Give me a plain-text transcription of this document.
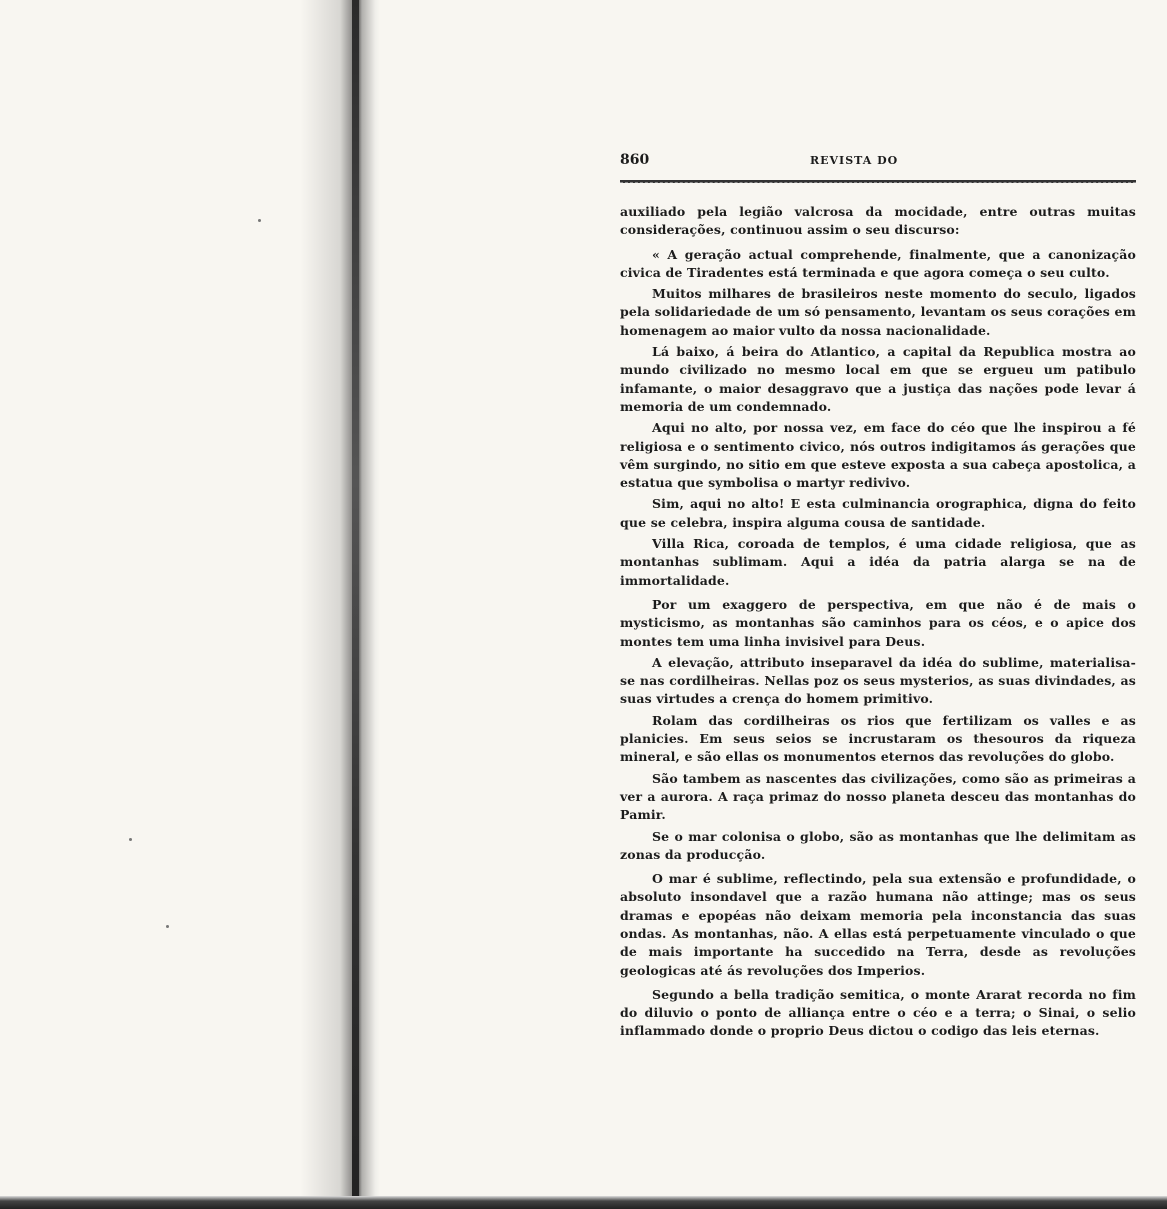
860	REVISTA DO

auxiliado pela legião valcrosa da mocidade, entre outras muitas considerações, continuou assim o seu discurso:

« A geração actual comprehende, finalmente, que a canonização civica de Tiradentes está terminada e que agora começa o seu culto.

Muitos milhares de brasileiros neste momento do seculo, ligados pela solidariedade de um só pensamento, levantam os seus corações em homenagem ao maior vulto da nossa nacionalidade.

Lá baixo, á beira do Atlantico, a capital da Republica mostra ao mundo civilizado no mesmo local em que se ergueu um patibulo infamante, o maior desaggravo que a justiça das nações pode levar á memoria de um condemnado.

Aqui no alto, por nossa vez, em face do céo que lhe inspirou a fé religiosa e o sentimento civico, nós outros indigitamos ás gerações que vêm surgindo, no sitio em que esteve exposta a sua cabeça apostolica, a estatua que symbolisa o martyr redivivo.

Sim, aqui no alto! E esta culminancia orographica, digna do feito que se celebra, inspira alguma cousa de santidade.

Villa Rica, coroada de templos, é uma cidade religiosa, que as montanhas sublimam. Aqui a idéa da patria alarga se na de immortalidade.

Por um exaggero de perspectiva, em que não é de mais o mysticismo, as montanhas são caminhos para os céos, e o apice dos montes tem uma linha invisivel para Deus.

A elevação, attributo inseparavel da idéa do sublime, materialisa-se nas cordilheiras. Nellas poz os seus mysterios, as suas divindades, as suas virtudes a crença do homem primitivo.

Rolam das cordilheiras os rios que fertilizam os valles e as planicies. Em seus seios se incrustaram os thesouros da riqueza mineral, e são ellas os monumentos eternos das revoluções do globo.

São tambem as nascentes das civilizações, como são as primeiras a ver a aurora. A raça primaz do nosso planeta desceu das montanhas do Pamir.

Se o mar colonisa o globo, são as montanhas que lhe delimitam as zonas da producção.

O mar é sublime, reflectindo, pela sua extensão e profundidade, o absoluto insondavel que a razão humana não attinge; mas os seus dramas e epopéas não deixam memoria pela inconstancia das suas ondas. As montanhas, não. A ellas está perpetuamente vinculado o que de mais importante ha succedido na Terra, desde as revoluções geologicas até ás revoluções dos Imperios.

Segundo a bella tradição semitica, o monte Ararat recorda no fim do diluvio o ponto de alliança entre o céo e a terra; o Sinai, o selio inflammado donde o proprio Deus dictou o codigo das leis eternas.
